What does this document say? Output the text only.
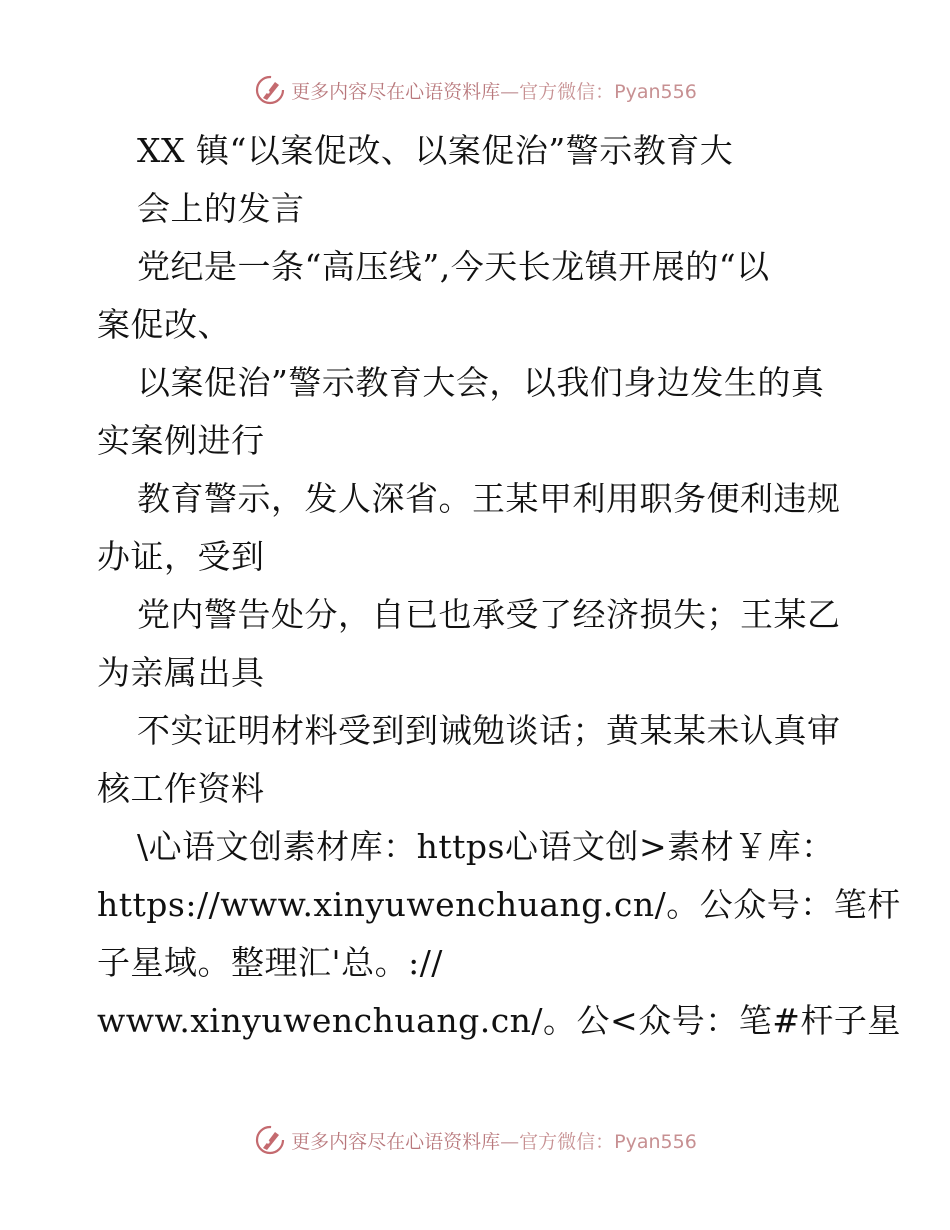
更多内容尽在心语资料库—官方微信：Pyan556
XX 镇“以案促改、以案促治”警示教育大
会上的发言
党纪是一条“高压线”,今天长龙镇开展的“以
案促改、
以案促治”警示教育大会，以我们身边发生的真
实案例进行
教育警示，发人深省。王某甲利用职务便利违规
办证，受到
党内警告处分，自已也承受了经济损失；王某乙
为亲属出具
不实证明材料受到到诫勉谈话；黄某某未认真审
核工作资料
\心语文创素材库：https心语文创>素材￥库：
https://www.xinyuwenchuang.cn/。公众号：笔杆
子星域。整理汇'总。://
www.xinyuwenchuang.cn/。公<众号：笔#杆子星
更多内容尽在心语资料库—官方微信：Pyan556
